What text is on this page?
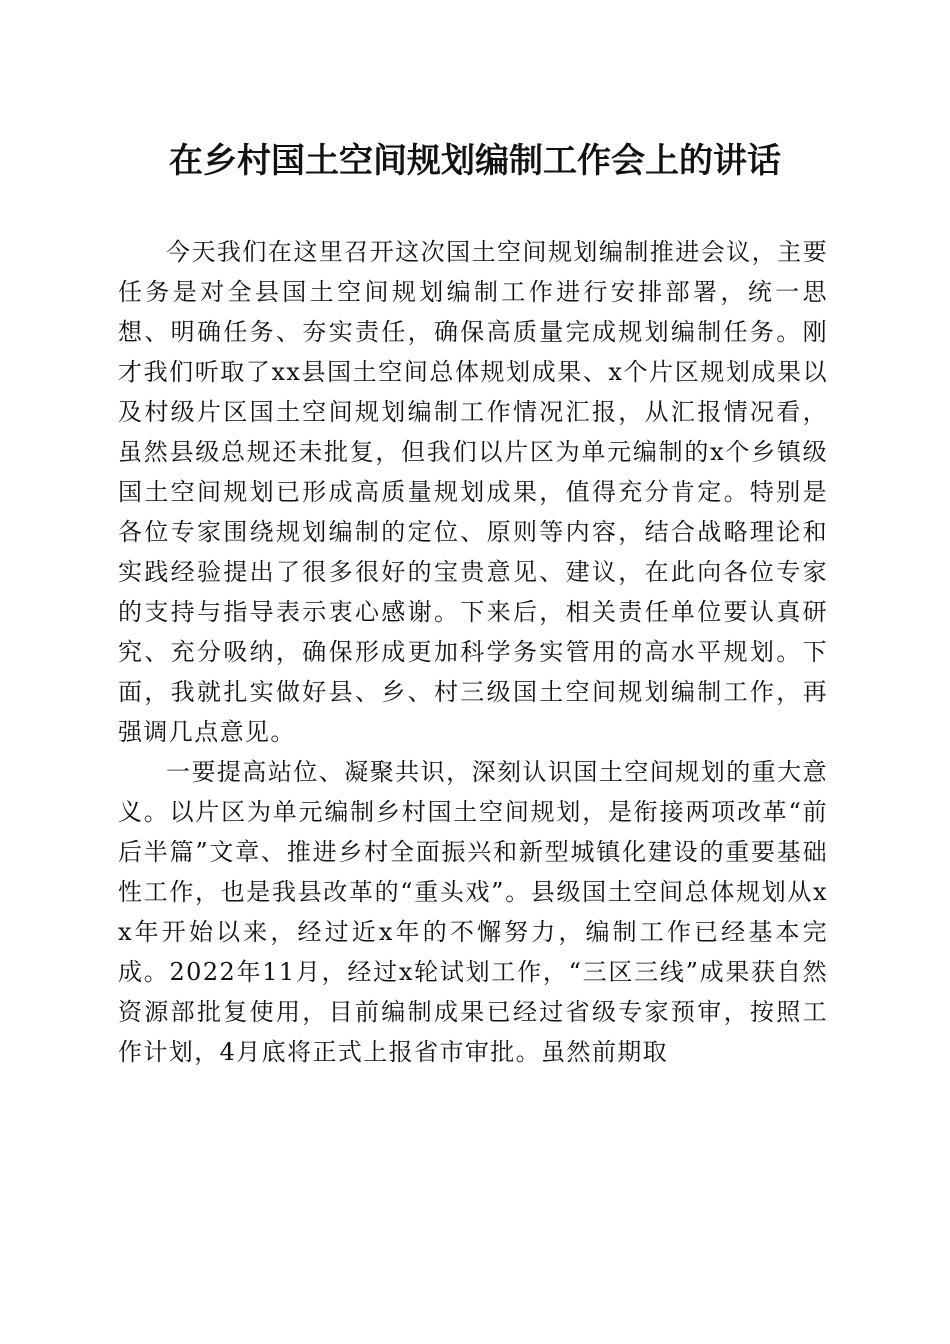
在乡村国土空间规划编制工作会上的讲话

今天我们在这里召开这次国土空间规划编制推进会议，主要任务是对全县国土空间规划编制工作进行安排部署，统一思想、明确任务、夯实责任，确保高质量完成规划编制任务。刚才我们听取了xx县国土空间总体规划成果、x个片区规划成果以及村级片区国土空间规划编制工作情况汇报，从汇报情况看，虽然县级总规还未批复，但我们以片区为单元编制的x个乡镇级国土空间规划已形成高质量规划成果，值得充分肯定。特别是各位专家围绕规划编制的定位、原则等内容，结合战略理论和实践经验提出了很多很好的宝贵意见、建议，在此向各位专家的支持与指导表示衷心感谢。下来后，相关责任单位要认真研究、充分吸纳，确保形成更加科学务实管用的高水平规划。下面，我就扎实做好县、乡、村三级国土空间规划编制工作，再强调几点意见。

一要提高站位、凝聚共识，深刻认识国土空间规划的重大意义。以片区为单元编制乡村国土空间规划，是衔接两项改革“前后半篇”文章、推进乡村全面振兴和新型城镇化建设的重要基础性工作，也是我县改革的“重头戏”。县级国土空间总体规划从xx年开始以来，经过近x年的不懈努力，编制工作已经基本完成。2022年11月，经过x轮试划工作，“三区三线”成果获自然资源部批复使用，目前编制成果已经过省级专家预审，按照工作计划，4月底将正式上报省市审批。虽然前期取
